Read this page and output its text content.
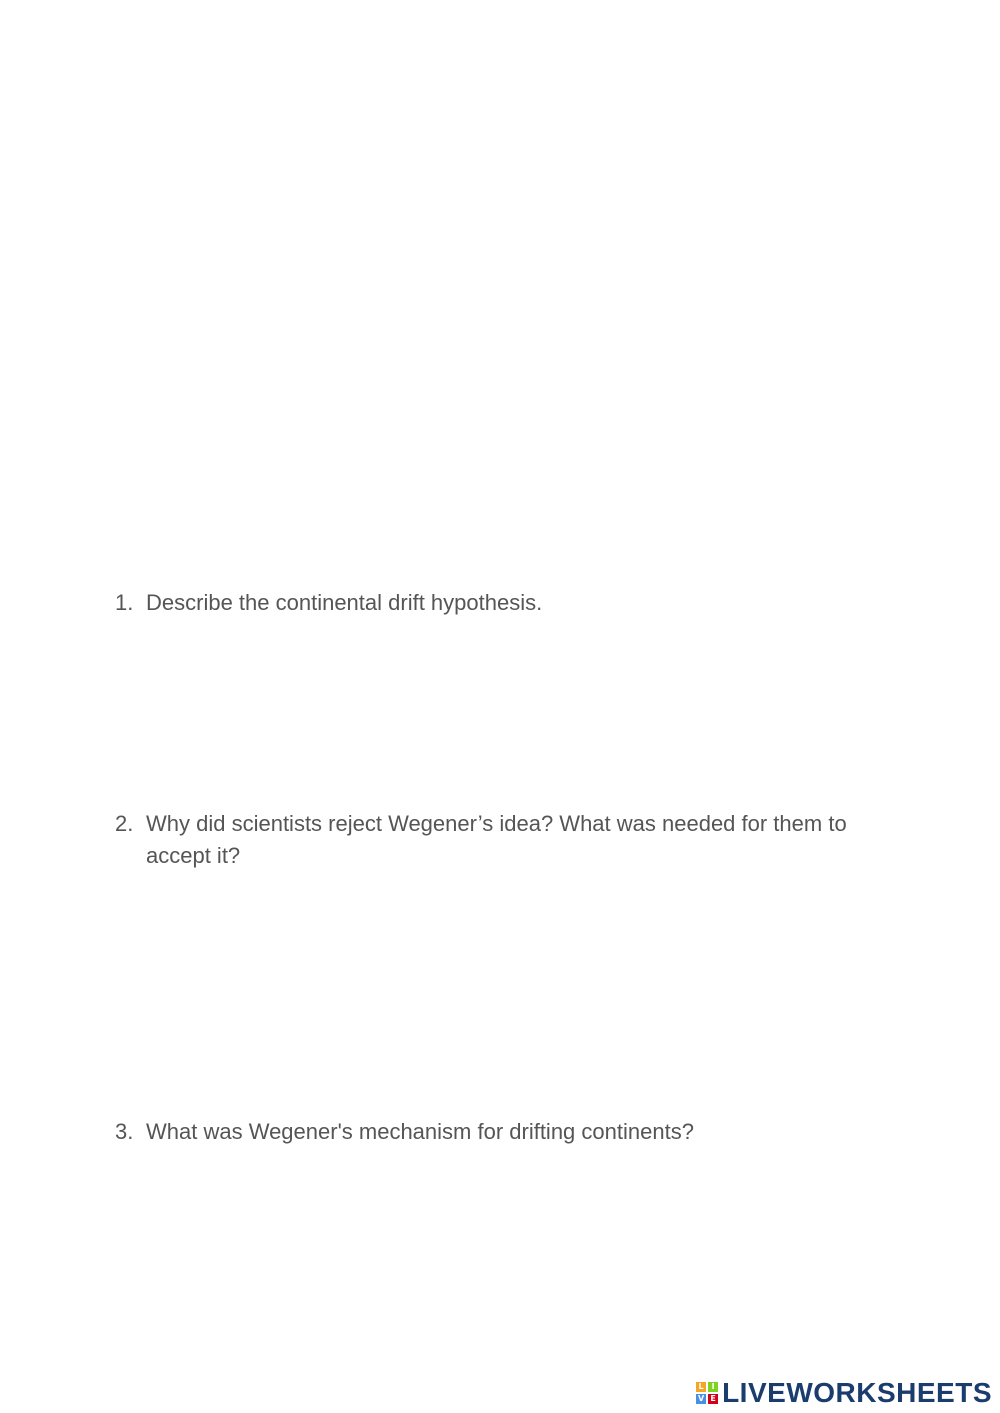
1. Describe the continental drift hypothesis.
2. Why did scientists reject Wegener’s idea? What was needed for them to accept it?
3. What was Wegener's mechanism for drifting continents?
L I
V E LIVEWORKSHEETS
